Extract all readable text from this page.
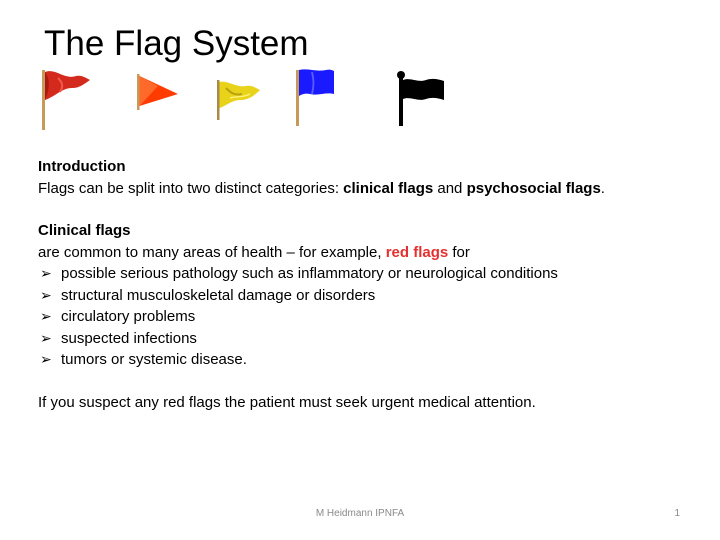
The Flag System

Introduction

Flags can be split into two distinct categories: clinical flags and psychosocial flags.

Clinical flags

are common to many areas of health – for example, red flags for

➢ possible serious pathology such as inflammatory or neurological conditions
➢ structural musculoskeletal damage or disorders
➢ circulatory problems
➢ suspected infections
➢ tumors or systemic disease.

If you suspect any red flags the patient must seek urgent medical attention.

M Heidmann IPNFA	1
